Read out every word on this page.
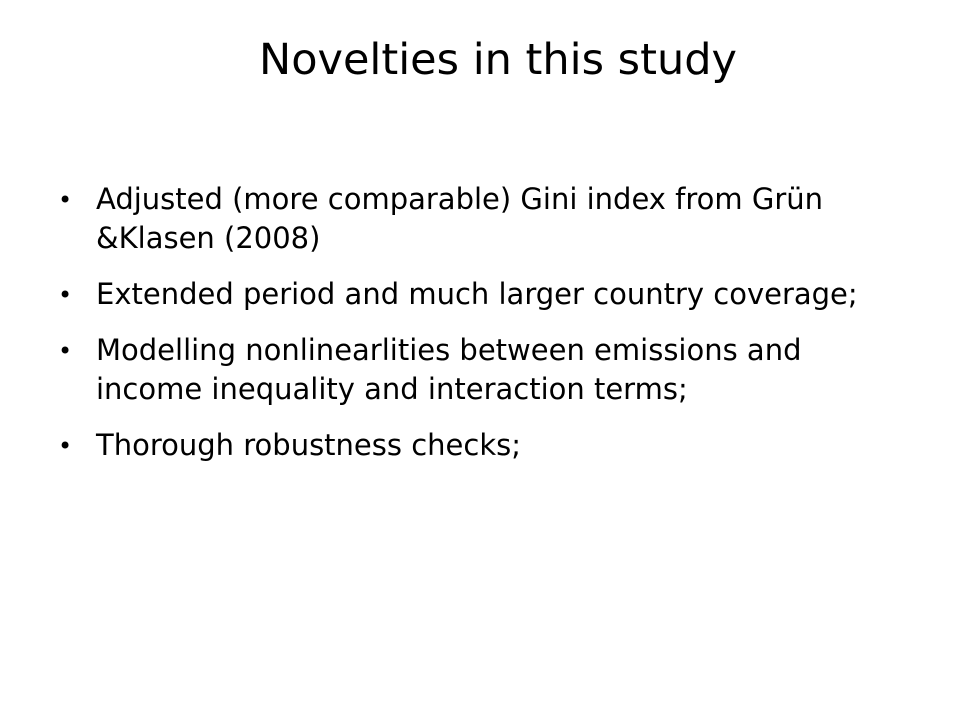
Novelties in this study
• Adjusted (more comparable) Gini index from Grün &Klasen (2008)
• Extended period and much larger country coverage;
• Modelling nonlinearlities between emissions and income inequality and interaction terms;
• Thorough robustness checks;
